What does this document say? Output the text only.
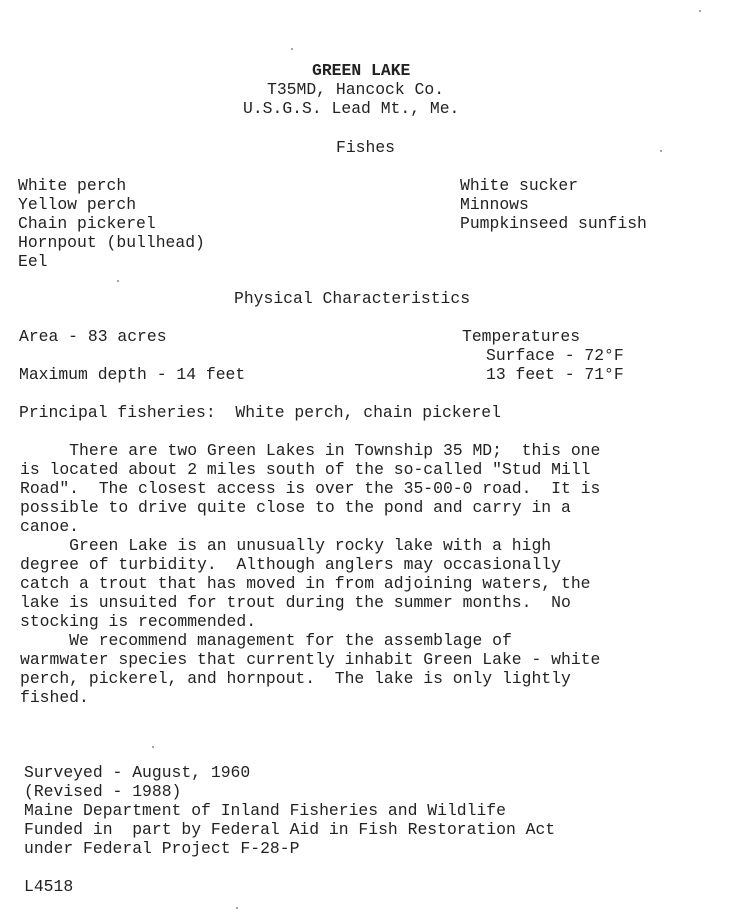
GREEN LAKE
T35MD, Hancock Co.
U.S.G.S. Lead Mt., Me.
Fishes
White perch
Yellow perch
Chain pickerel
Hornpout (bullhead)
Eel
White sucker
Minnows
Pumpkinseed sunfish
Physical Characteristics
Area - 83 acres
Maximum depth - 14 feet
Temperatures
Surface - 72°F
13 feet - 71°F
Principal fisheries:  White perch, chain pickerel
There are two Green Lakes in Township 35 MD;  this one
is located about 2 miles south of the so-called "Stud Mill
Road".  The closest access is over the 35-00-0 road.  It is
possible to drive quite close to the pond and carry in a
canoe.
Green Lake is an unusually rocky lake with a high
degree of turbidity.  Although anglers may occasionally
catch a trout that has moved in from adjoining waters, the
lake is unsuited for trout during the summer months.  No
stocking is recommended.
We recommend management for the assemblage of
warmwater species that currently inhabit Green Lake - white
perch, pickerel, and hornpout.  The lake is only lightly
fished.
Surveyed - August, 1960
(Revised - 1988)
Maine Department of Inland Fisheries and Wildlife
Funded in  part by Federal Aid in Fish Restoration Act
under Federal Project F-28-P
L4518
